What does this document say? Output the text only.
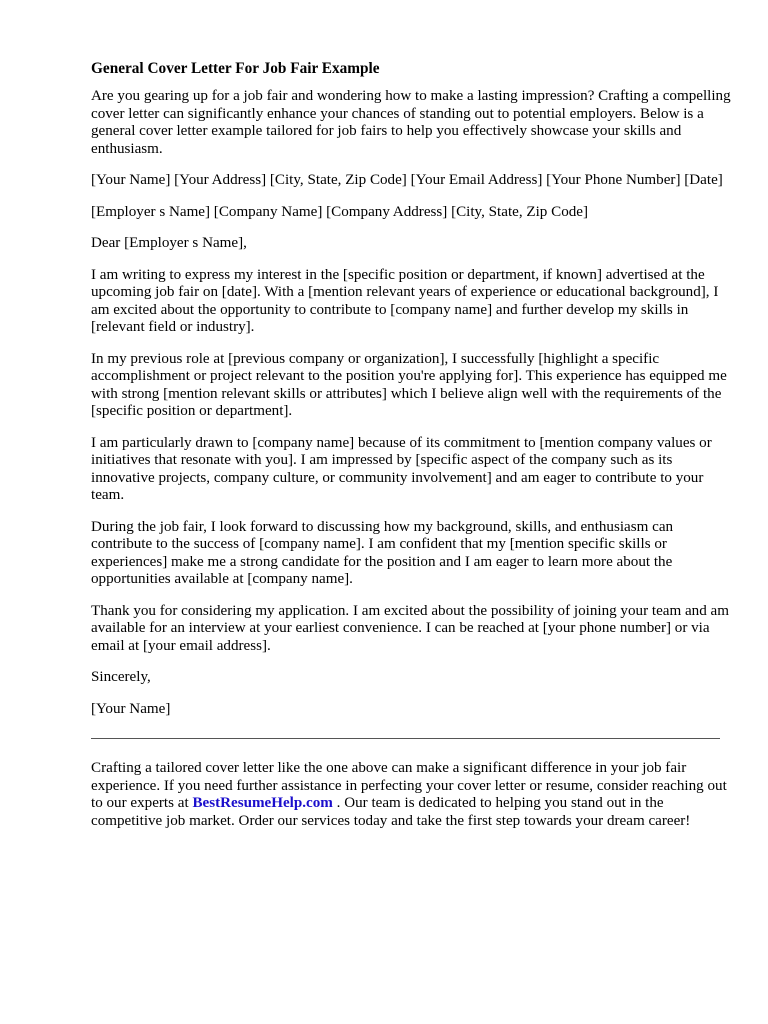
General Cover Letter For Job Fair Example

Are you gearing up for a job fair and wondering how to make a lasting impression? Crafting a compelling cover letter can significantly enhance your chances of standing out to potential employers. Below is a general cover letter example tailored for job fairs to help you effectively showcase your skills and enthusiasm.

[Your Name] [Your Address] [City, State, Zip Code] [Your Email Address] [Your Phone Number] [Date]

[Employer s Name] [Company Name] [Company Address] [City, State, Zip Code]

Dear [Employer s Name],

I am writing to express my interest in the [specific position or department, if known] advertised at the upcoming job fair on [date]. With a [mention relevant years of experience or educational background], I am excited about the opportunity to contribute to [company name] and further develop my skills in [relevant field or industry].

In my previous role at [previous company or organization], I successfully [highlight a specific accomplishment or project relevant to the position you're applying for]. This experience has equipped me with strong [mention relevant skills or attributes] which I believe align well with the requirements of the [specific position or department].

I am particularly drawn to [company name] because of its commitment to [mention company values or initiatives that resonate with you]. I am impressed by [specific aspect of the company such as its innovative projects, company culture, or community involvement] and am eager to contribute to your team.

During the job fair, I look forward to discussing how my background, skills, and enthusiasm can contribute to the success of [company name]. I am confident that my [mention specific skills or experiences] make me a strong candidate for the position and I am eager to learn more about the opportunities available at [company name].

Thank you for considering my application. I am excited about the possibility of joining your team and am available for an interview at your earliest convenience. I can be reached at [your phone number] or via email at [your email address].

Sincerely,

[Your Name]

Crafting a tailored cover letter like the one above can make a significant difference in your job fair experience. If you need further assistance in perfecting your cover letter or resume, consider reaching out to our experts at BestResumeHelp.com . Our team is dedicated to helping you stand out in the competitive job market. Order our services today and take the first step towards your dream career!
